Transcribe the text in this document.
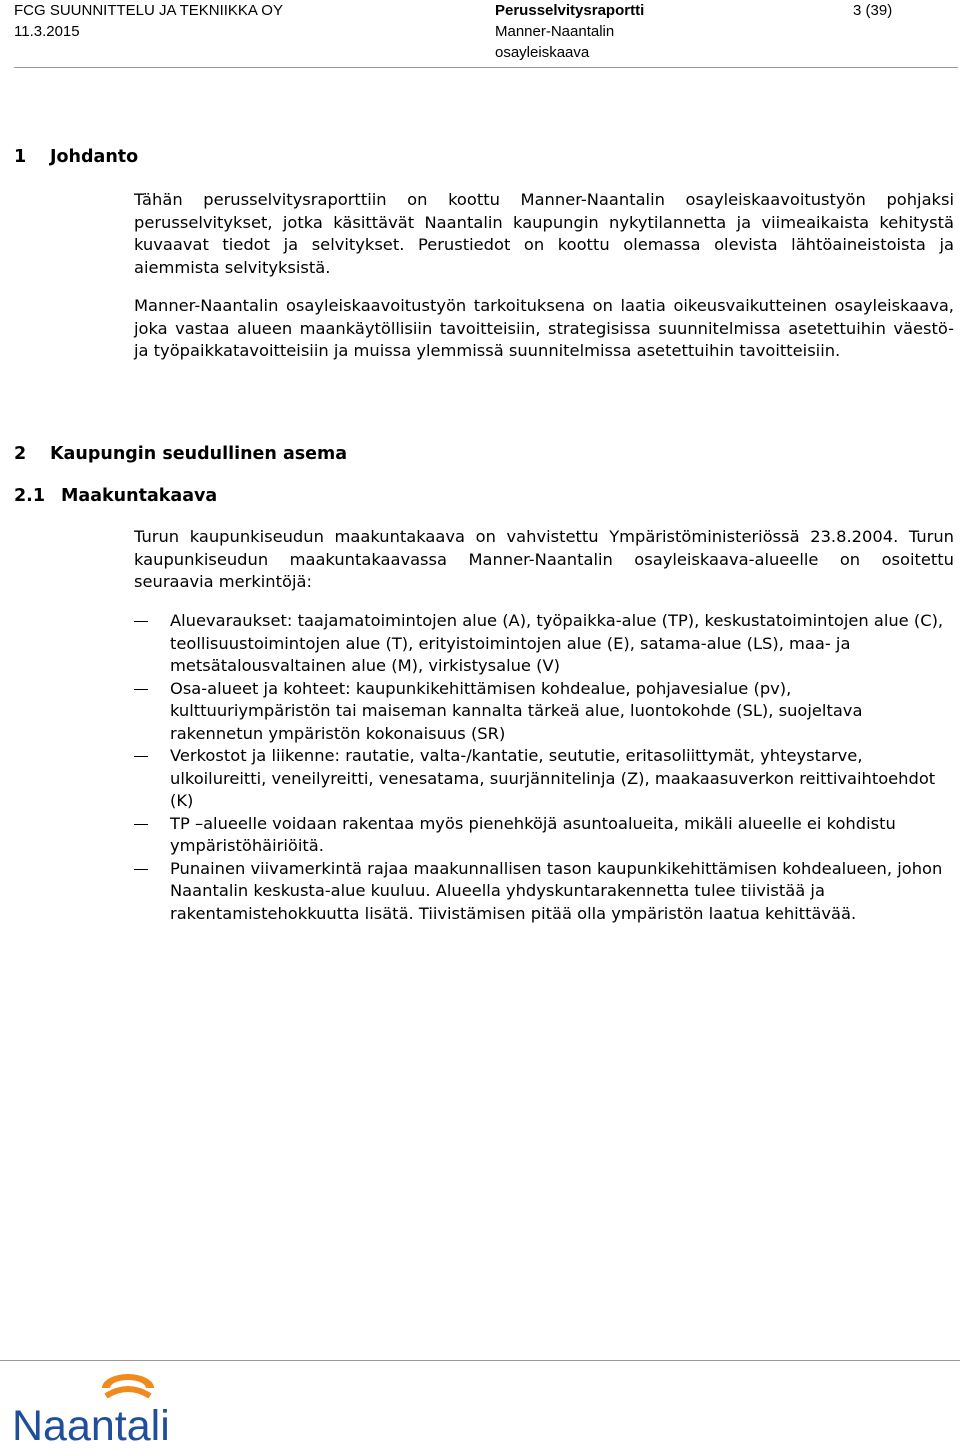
FCG SUUNNITTELU JA TEKNIIKKA OY
11.3.2015
Perusselvitysraportti
Manner-Naantalin
osayleiskaava
3 (39)
1 Johdanto

Tähän perusselvitysraporttiin on koottu Manner-Naantalin osayleiskaavoitustyön pohjaksi perusselvitykset, jotka käsittävät Naantalin kaupungin nykytilannetta ja viimeaikaista kehitystä kuvaavat tiedot ja selvitykset. Perustiedot on koottu olemassa olevista lähtöaineistoista ja aiemmista selvityksistä.

Manner-Naantalin osayleiskaavoitustyön tarkoituksena on laatia oikeusvaikutteinen osayleiskaava, joka vastaa alueen maankäytöllisiin tavoitteisiin, strategisissa suunnitelmissa asetettuihin väestö- ja työpaikkatavoitteisiin ja muissa ylemmissä suunnitelmissa asetettuihin tavoitteisiin.

2 Kaupungin seudullinen asema
2.1 Maakuntakaava

Turun kaupunkiseudun maakuntakaava on vahvistettu Ympäristöministeriössä 23.8.2004. Turun kaupunkiseudun maakuntakaavassa Manner-Naantalin osayleiskaava-alueelle on osoitettu seuraavia merkintöjä:

Aluevaraukset: taajamatoimintojen alue (A), työpaikka-alue (TP), keskustatoimintojen alue (C), teollisuustoimintojen alue (T), erityistoimintojen alue (E), satama-alue (LS), maa- ja metsätalousvaltainen alue (M), virkistysalue (V)
Osa-alueet ja kohteet: kaupunkikehittämisen kohdealue, pohjavesialue (pv), kulttuuriympäristön tai maiseman kannalta tärkeä alue, luontokohde (SL), suojeltava rakennetun ympäristön kokonaisuus (SR)
Verkostot ja liikenne: rautatie, valta-/kantatie, seututie, eritasoliittymät, yhteystarve, ulkoilureitti, veneilyreitti, venesatama, suurjännitelinja (Z), maakaasuverkon reittivaihtoehdot (K)
TP –alueelle voidaan rakentaa myös pienehköjä asuntoalueita, mikäli alueelle ei kohdistu ympäristöhäiriöitä.
Punainen viivamerkintä rajaa maakunnallisen tason kaupunkikehittämisen kohdealueen, johon Naantalin keskusta-alue kuuluu. Alueella yhdyskuntarakennetta tulee tiivistää ja rakentamistehokkuutta lisätä. Tiivistämisen pitää olla ympäristön laatua kehittävää.
Naantali
